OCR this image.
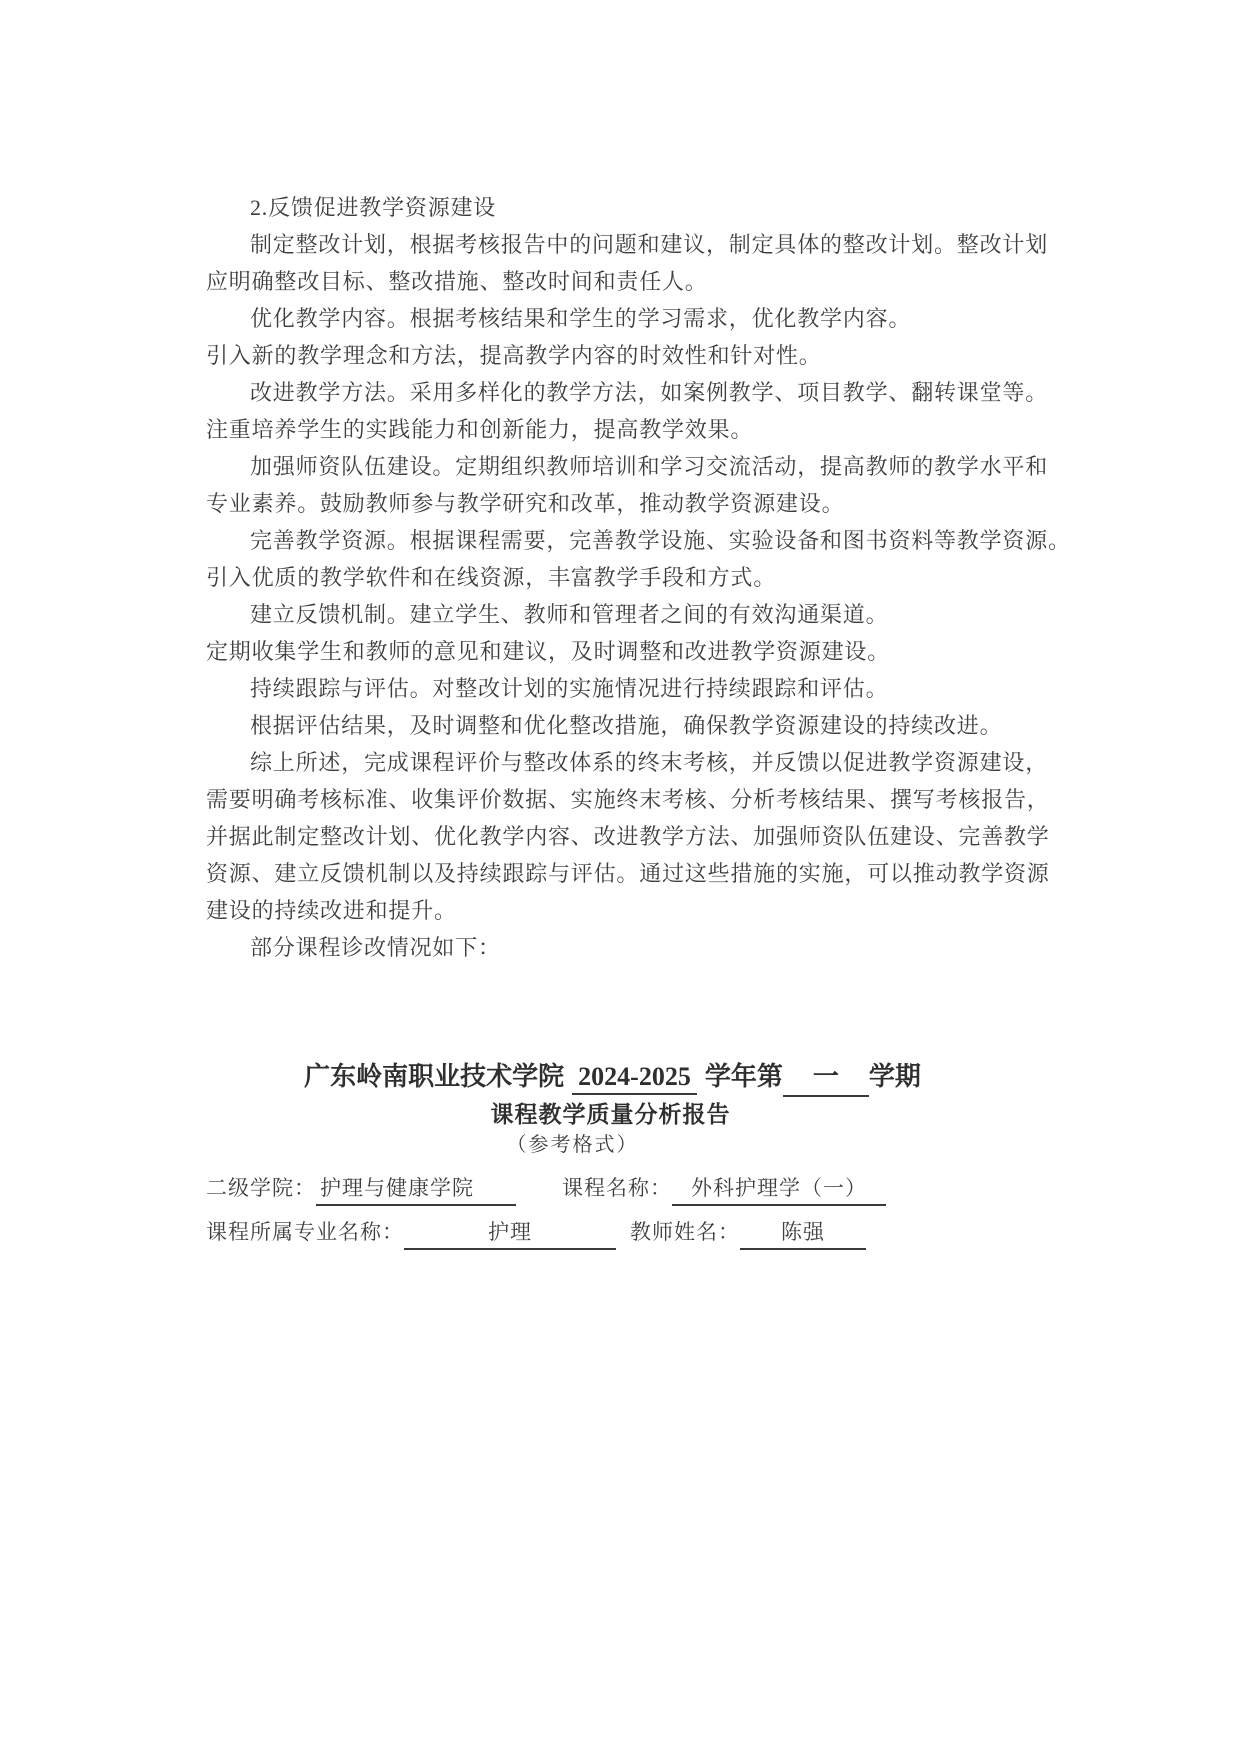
2.反馈促进教学资源建设
制定整改计划，根据考核报告中的问题和建议，制定具体的整改计划。整改计划
应明确整改目标、整改措施、整改时间和责任人。
优化教学内容。根据考核结果和学生的学习需求，优化教学内容。
引入新的教学理念和方法，提高教学内容的时效性和针对性。
改进教学方法。采用多样化的教学方法，如案例教学、项目教学、翻转课堂等。
注重培养学生的实践能力和创新能力，提高教学效果。
加强师资队伍建设。定期组织教师培训和学习交流活动，提高教师的教学水平和
专业素养。鼓励教师参与教学研究和改革，推动教学资源建设。
完善教学资源。根据课程需要，完善教学设施、实验设备和图书资料等教学资源。
引入优质的教学软件和在线资源，丰富教学手段和方式。
建立反馈机制。建立学生、教师和管理者之间的有效沟通渠道。
定期收集学生和教师的意见和建议，及时调整和改进教学资源建设。
持续跟踪与评估。对整改计划的实施情况进行持续跟踪和评估。
根据评估结果，及时调整和优化整改措施，确保教学资源建设的持续改进。
综上所述，完成课程评价与整改体系的终末考核，并反馈以促进教学资源建设，
需要明确考核标准、收集评价数据、实施终末考核、分析考核结果、撰写考核报告，
并据此制定整改计划、优化教学内容、改进教学方法、加强师资队伍建设、完善教学
资源、建立反馈机制以及持续跟踪与评估。通过这些措施的实施，可以推动教学资源
建设的持续改进和提升。
部分课程诊改情况如下：
广东岭南职业技术学院 2024-2025 学年第 一 学期
课程教学质量分析报告
（参考格式）
二级学院： 护理与健康学院	课程名称： 外科护理学（一）
课程所属专业名称：	护理	教师姓名： 陈强
